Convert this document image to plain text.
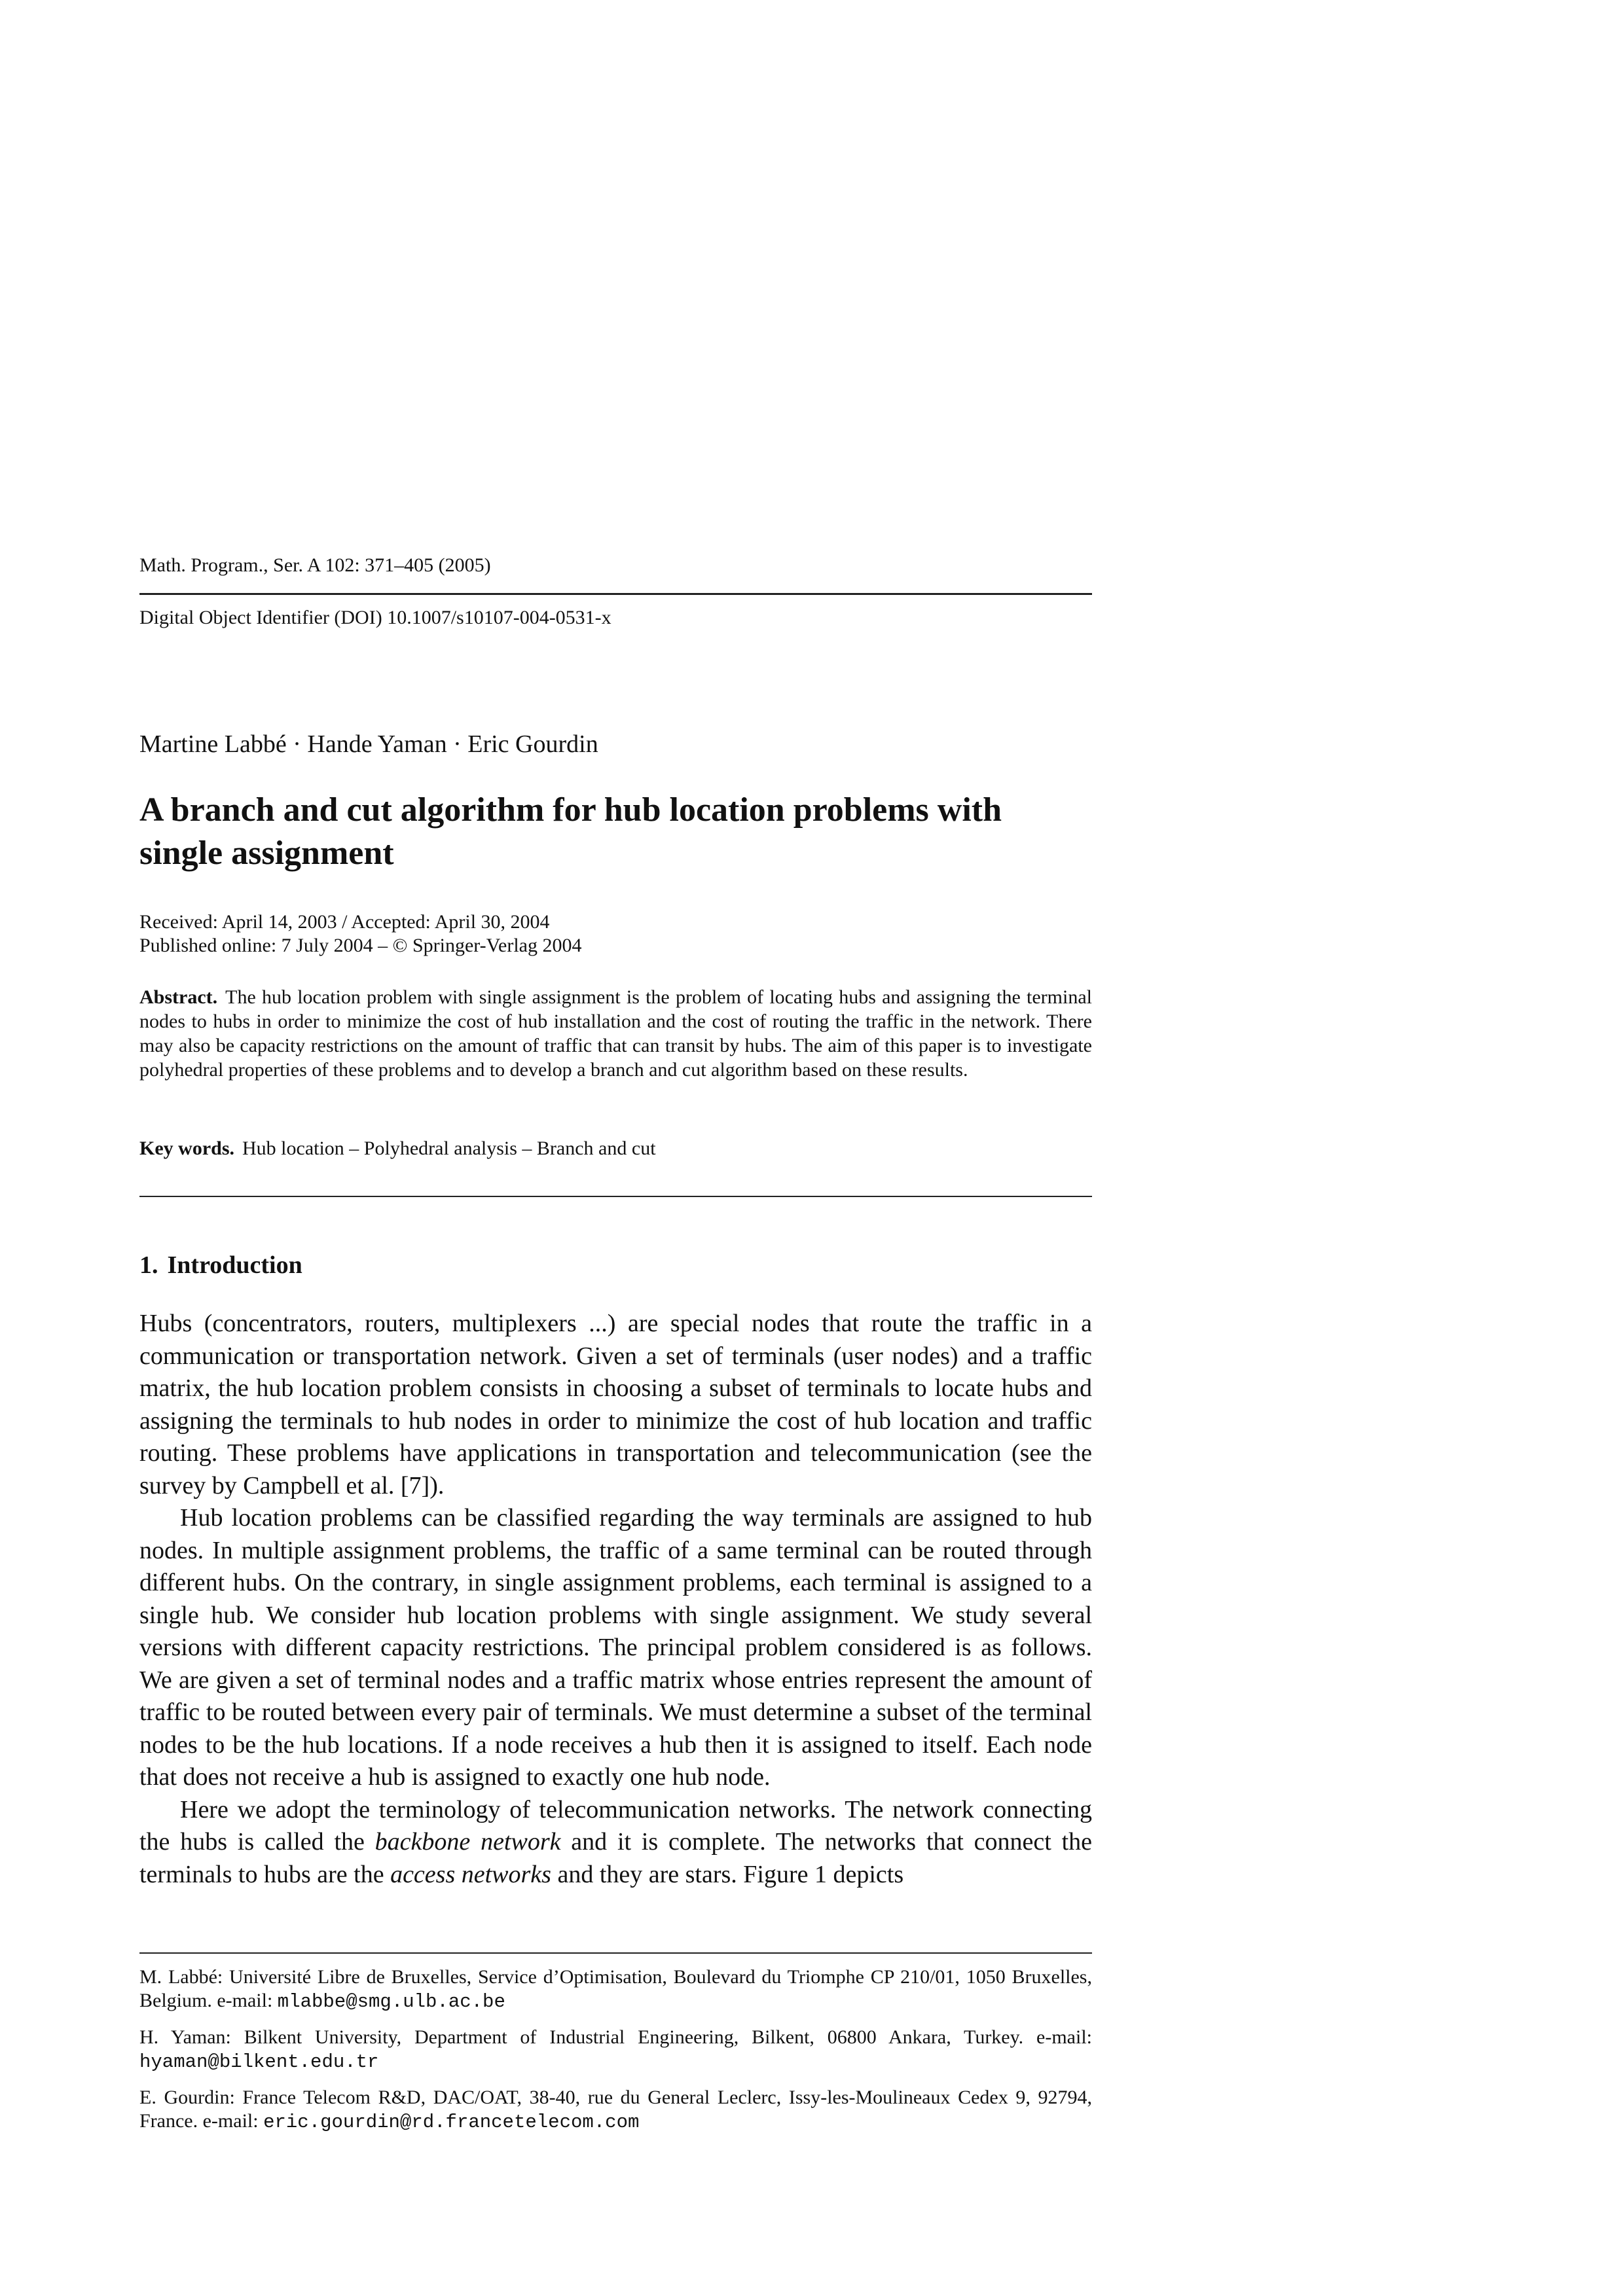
Math. Program., Ser. A 102: 371–405 (2005)
Digital Object Identifier (DOI) 10.1007/s10107-004-0531-x
Martine Labbé · Hande Yaman · Eric Gourdin
A branch and cut algorithm for hub location problems with single assignment
Received: April 14, 2003 / Accepted: April 30, 2004
Published online: 7 July 2004 – © Springer-Verlag 2004

Abstract. The hub location problem with single assignment is the problem of locating hubs and assigning the terminal nodes to hubs in order to minimize the cost of hub installation and the cost of routing the traffic in the network. There may also be capacity restrictions on the amount of traffic that can transit by hubs. The aim of this paper is to investigate polyhedral properties of these problems and to develop a branch and cut algorithm based on these results.

Key words. Hub location – Polyhedral analysis – Branch and cut
1. Introduction

Hubs (concentrators, routers, multiplexers ...) are special nodes that route the traffic in a communication or transportation network. Given a set of terminals (user nodes) and a traffic matrix, the hub location problem consists in choosing a subset of terminals to locate hubs and assigning the terminals to hub nodes in order to minimize the cost of hub location and traffic routing. These problems have applications in transportation and telecommunication (see the survey by Campbell et al. [7]).

Hub location problems can be classified regarding the way terminals are assigned to hub nodes. In multiple assignment problems, the traffic of a same terminal can be routed through different hubs. On the contrary, in single assignment problems, each terminal is assigned to a single hub. We consider hub location problems with single assignment. We study several versions with different capacity restrictions. The principal problem considered is as follows. We are given a set of terminal nodes and a traffic matrix whose entries represent the amount of traffic to be routed between every pair of terminals. We must determine a subset of the terminal nodes to be the hub locations. If a node receives a hub then it is assigned to itself. Each node that does not receive a hub is assigned to exactly one hub node.

Here we adopt the terminology of telecommunication networks. The network connecting the hubs is called the backbone network and it is complete. The networks that connect the terminals to hubs are the access networks and they are stars. Figure 1 depicts

M. Labbé: Université Libre de Bruxelles, Service d’Optimisation, Boulevard du Triomphe CP 210/01, 1050 Bruxelles, Belgium. e-mail: mlabbe@smg.ulb.ac.be

H. Yaman: Bilkent University, Department of Industrial Engineering, Bilkent, 06800 Ankara, Turkey. e-mail: hyaman@bilkent.edu.tr

E. Gourdin: France Telecom R&D, DAC/OAT, 38-40, rue du General Leclerc, Issy-les-Moulineaux Cedex 9, 92794, France. e-mail: eric.gourdin@rd.francetelecom.com
